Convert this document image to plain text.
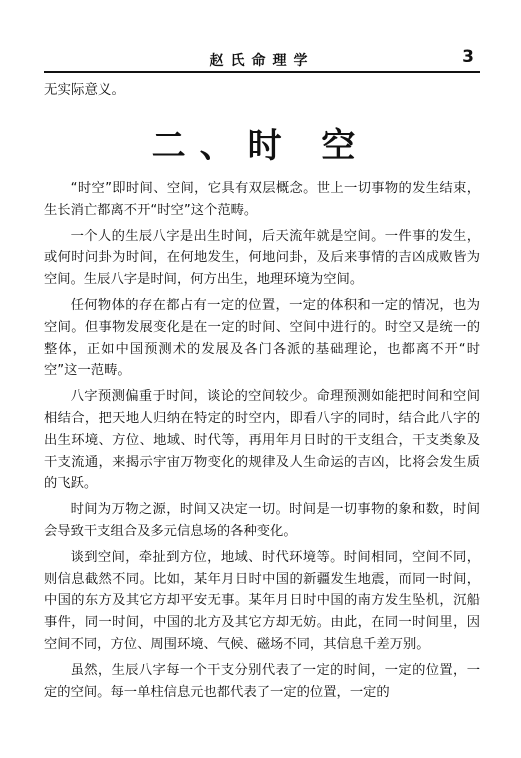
赵氏命理学	3
无实际意义。
二、时 空

“时空”即时间、空间，它具有双层概念。世上一切事物的发生结束，生长消亡都离不开“时空”这个范畴。

一个人的生辰八字是出生时间，后天流年就是空间。一件事的发生，或何时问卦为时间，在何地发生，何地问卦，及后来事情的吉凶成败皆为空间。生辰八字是时间，何方出生，地理环境为空间。

任何物体的存在都占有一定的位置，一定的体积和一定的情况，也为空间。但事物发展变化是在一定的时间、空间中进行的。时空又是统一的整体，正如中国预测术的发展及各门各派的基础理论，也都离不开“时空”这一范畴。

八字预测偏重于时间，谈论的空间较少。命理预测如能把时间和空间相结合，把天地人归纳在特定的时空内，即看八字的同时，结合此八字的出生环境、方位、地域、时代等，再用年月日时的干支组合，干支类象及干支流通，来揭示宇宙万物变化的规律及人生命运的吉凶，比将会发生质的飞跃。

时间为万物之源，时间又决定一切。时间是一切事物的象和数，时间会导致干支组合及多元信息场的各种变化。

谈到空间，牵扯到方位，地域、时代环境等。时间相同，空间不同，则信息截然不同。比如，某年月日时中国的新疆发生地震，而同一时间，中国的东方及其它方却平安无事。某年月日时中国的南方发生坠机，沉船事件，同一时间，中国的北方及其它方却无妨。由此，在同一时间里，因空间不同，方位、周围环境、气候、磁场不同，其信息千差万别。

虽然，生辰八字每一个干支分别代表了一定的时间，一定的位置，一定的空间。每一单柱信息元也都代表了一定的位置，一定的
